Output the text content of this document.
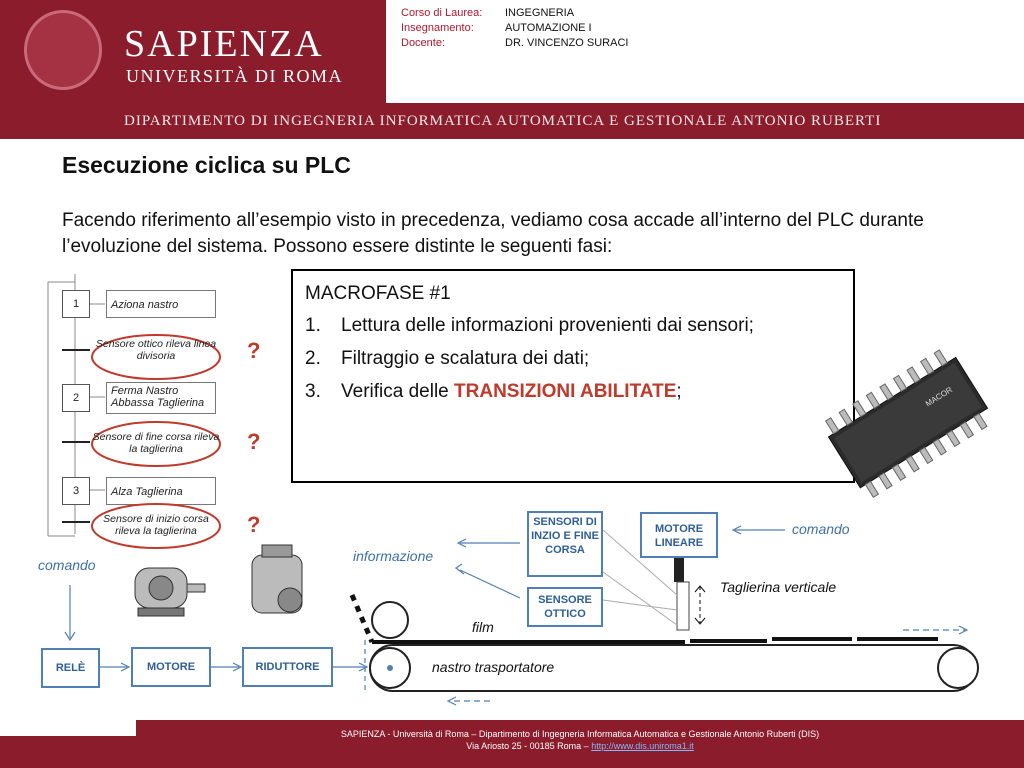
SAPIENZA
UNIVERSITÀ DI ROMA
Corso di Laurea: INGEGNERIA
Insegnamento:	AUTOMAZIONE I
Docente:	DR. VINCENZO SURACI
DIPARTIMENTO DI INGEGNERIA INFORMATICA AUTOMATICA E GESTIONALE ANTONIO RUBERTI
Esecuzione ciclica su PLC
Facendo riferimento all’esempio visto in precedenza, vediamo cosa accade all’interno del PLC durante l’evoluzione del sistema. Possono essere distinte le seguenti fasi:
MACROFASE #1
1. Lettura delle informazioni provenienti dai sensori;
2. Filtraggio e scalatura dei dati;
3. Verifica delle TRANSIZIONI ABILITATE;	MACOR
1	Aziona nastro
2
Ferma Nastro Abbassa Taglierina
3	Alza Taglierina
Sensore ottico rileva linea divisoria
Sensore di fine corsa rileva la taglierina
Sensore di inizio corsa rileva la taglierina
?
?
?
comando
comando
informazione
SENSORI DI INZIO E FINE CORSA
SENSORE OTTICO
MOTORE LINEARE
Taglierina verticale
film
nastro trasportatore
RELÈ	MOTORE	RIDUTTORE
SAPIENZA - Università di Roma – Dipartimento di Ingegneria Informatica Automatica e Gestionale Antonio Ruberti (DIS)
Via Ariosto 25 - 00185 Roma – http://www.dis.uniroma1.it
